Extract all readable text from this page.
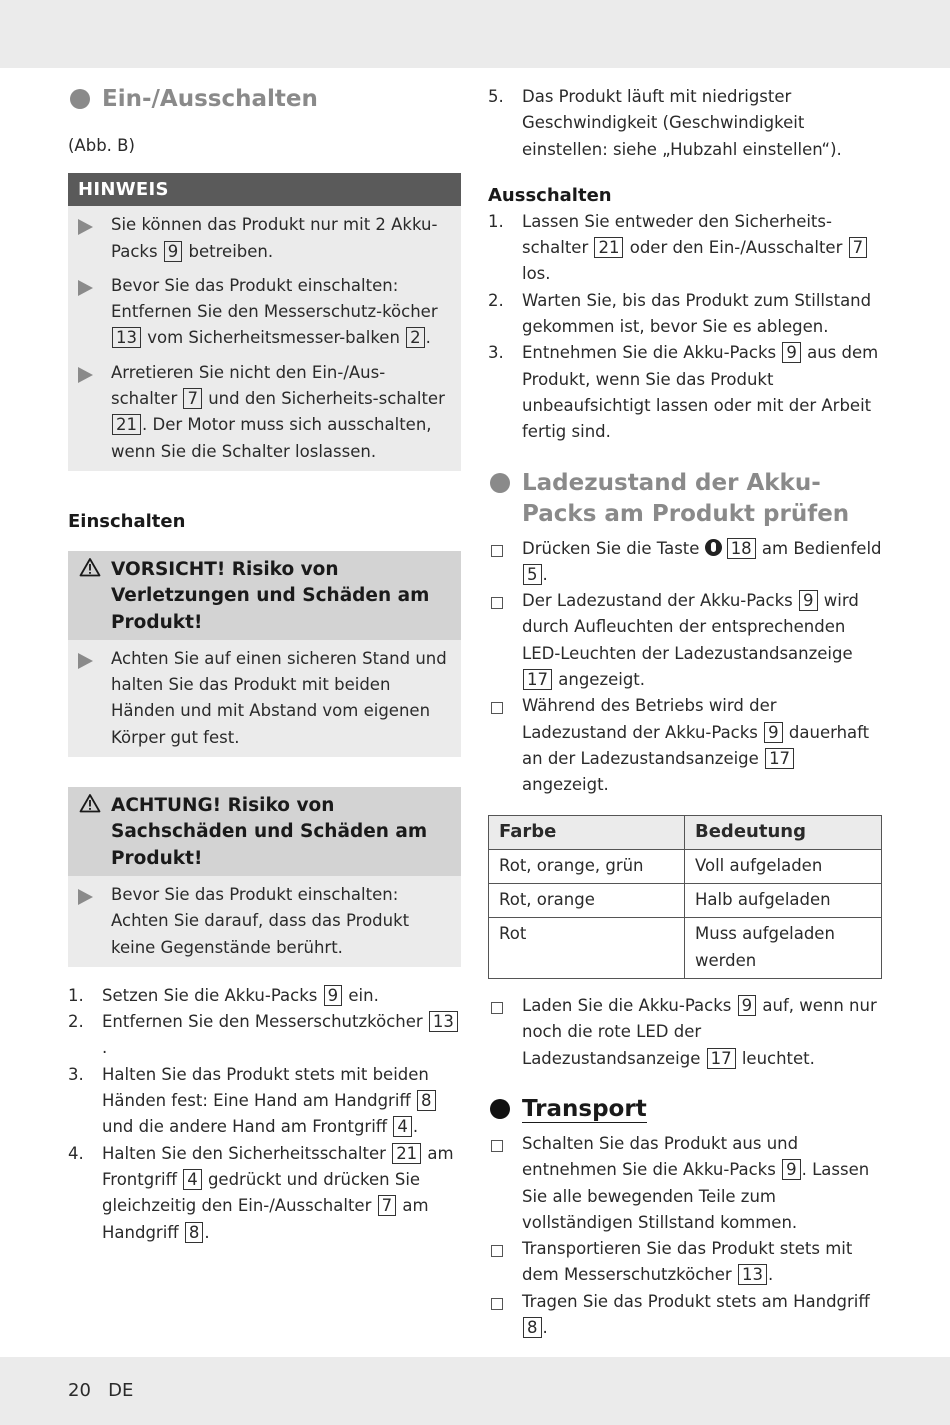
Ein-/Ausschalten

(Abb. B)

HINWEIS
Sie können das Produkt nur mit 2 Akku-Packs 9 betreiben.
Bevor Sie das Produkt einschalten: Entfernen Sie den Messerschutz-köcher13 vom Sicherheitsmesser-balken 2 .
Arretieren Sie nicht den Ein-/Aus-schalter 7 und den Sicherheits-schalter 21 . Der Motor muss sich ausschalten, wenn Sie die Schalter loslassen.
Einschalten
VORSICHT! Risiko von Verletzungen und Schäden am Produkt!
Achten Sie auf einen sicheren Stand und halten Sie das Produkt mit beiden Händen und mit Abstand vom eigenen Körper gut fest.
ACHTUNG! Risiko von Sachschäden und Schäden am Produkt!
Bevor Sie das Produkt einschalten: Achten Sie darauf, dass das Produkt keine Gegenstände berührt.
1. Setzen Sie die Akku-Packs 9 ein.
2. Entfernen Sie den Messerschutzköcher 13.
3. Halten Sie das Produkt stets mit beiden Händen fest: Eine Hand am Handgriff 8 und die andere Hand am Frontgriff 4 .
4. Halten Sie den Sicherheitsschalter 21 am Frontgriff 4 gedrückt und drücken Sie gleichzeitig den Ein-/Ausschalter 7 am Handgriff 8 .
5. Das Produkt läuft mit niedrigster Geschwindigkeit (Geschwindigkeit einstellen: siehe „Hubzahl einstellen“).
Ausschalten
1. Lassen Sie entweder den Sicherheits-schalter 21 oder den Ein-/Ausschalter 7 los.
2. Warten Sie, bis das Produkt zum Stillstand gekommen ist, bevor Sie es ablegen.
3. Entnehmen Sie die Akku-Packs 9 aus dem Produkt, wenn Sie das Produkt unbeaufsichtigt lassen oder mit der Arbeit fertig sind.
Ladezustand der Akku-Packs am Produkt prüfen
Drücken Sie die Taste 18 am Bedienfeld 5 .
Der Ladezustand der Akku-Packs 9 wird durch Aufleuchten der entsprechenden LED-Leuchten der Ladezustandsanzeige 17 angezeigt.
Während des Betriebs wird der Ladezustand der Akku-Packs 9 dauerhaft an der Ladezustandsanzeige 17 angezeigt.
Farbe	Bedeutung
Rot, orange, grün	Voll aufgeladen
Rot, orange	Halb aufgeladen
Rot	Muss aufgeladen werden
Laden Sie die Akku-Packs 9 auf, wenn nur noch die rote LED der Ladezustandsanzeige 17 leuchtet.
Transport
Schalten Sie das Produkt aus und entnehmen Sie die Akku-Packs 9 . Lassen Sie alle bewegenden Teile zum vollständigen Stillstand kommen.
Transportieren Sie das Produkt stets mit dem Messerschutzköcher 13 .
Tragen Sie das Produkt stets am Handgriff 8 .
20 DE
